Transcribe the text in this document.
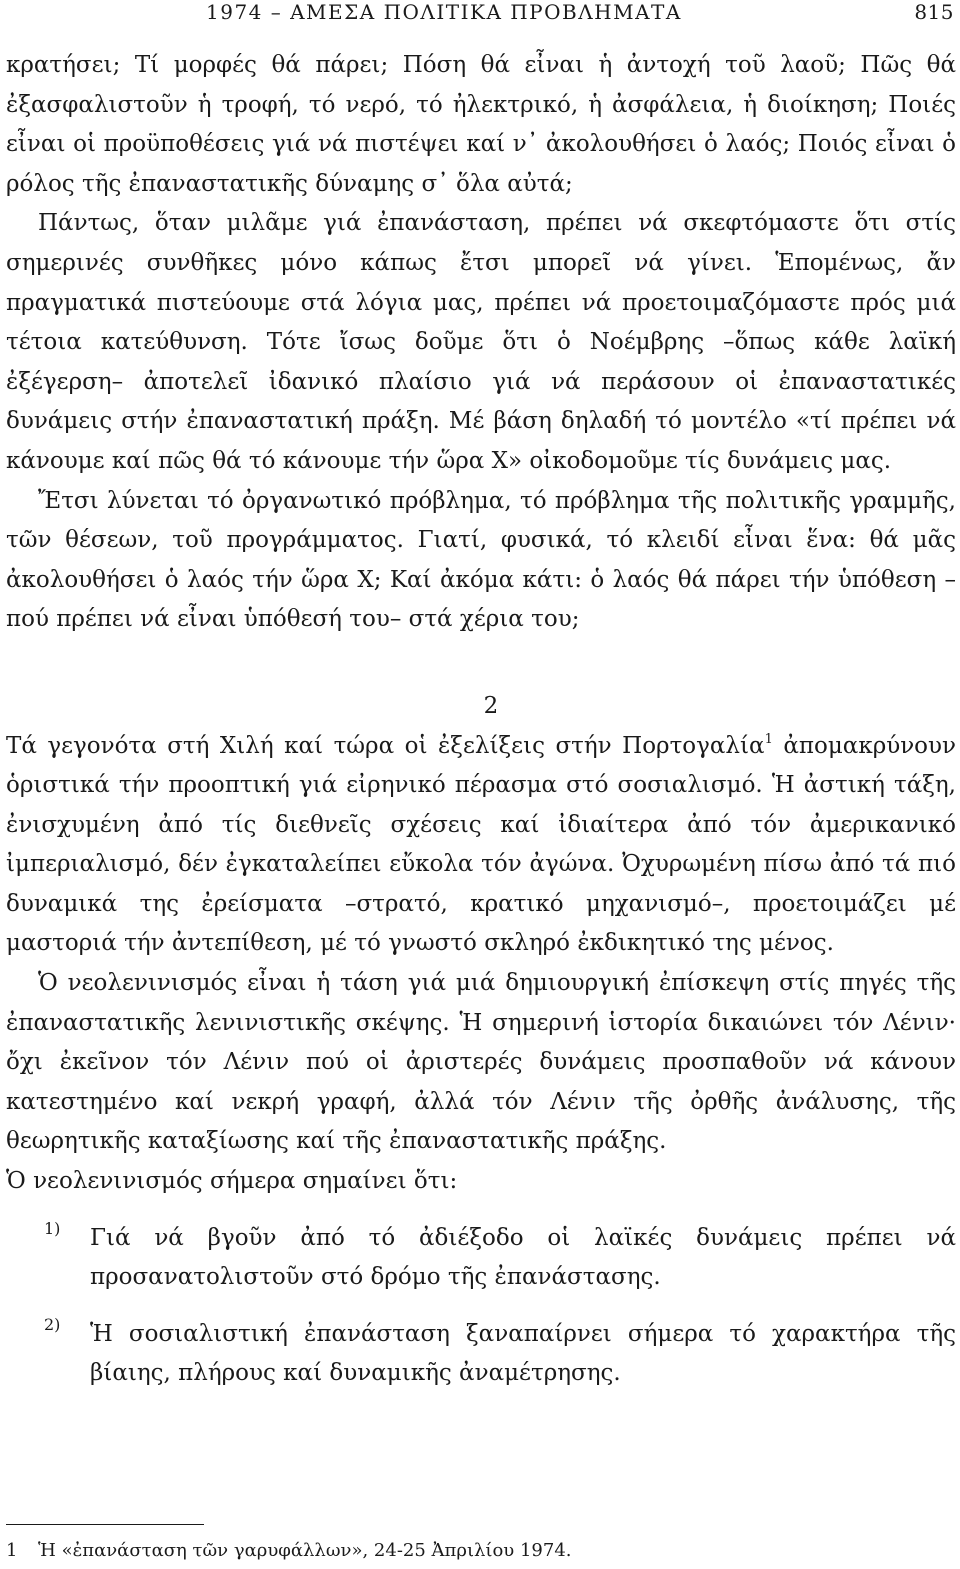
1974 – ΑΜΕΣΑ ΠΟΛΙΤΙΚΑ ΠΡΟΒΛΗΜΑΤΑ	815

κρατήσει; Τί μορφές θά πάρει; Πόση θά εἶναι ἡ ἀντοχή τοῦ λαοῦ; Πῶς θά ἐξασφαλιστοῦν ἡ τροφή, τό νερό, τό ἠλεκτρικό, ἡ ἀσφάλεια, ἡ διοίκηση; Ποιές εἶναι οἱ προϋποθέσεις γιά νά πιστέψει καί ν᾽ ἀκολουθήσει ὁ λαός; Ποιός εἶναι ὁ ρόλος τῆς ἐπαναστατικῆς δύναμης σ᾽ ὅλα αὐτά;

Πάντως, ὅταν μιλᾶμε γιά ἐπανάσταση, πρέπει νά σκεφτόμαστε ὅτι στίς σημερινές συνθῆκες μόνο κάπως ἔτσι μπορεῖ νά γίνει. Ἑπομένως, ἄν πραγματικά πιστεύουμε στά λόγια μας, πρέπει νά προετοιμαζόμαστε πρός μιά τέτοια κατεύθυνση. Τότε ἴσως δοῦμε ὅτι ὁ Νοέμβρης –ὅπως κάθε λαϊκή ἐξέγερση– ἀποτελεῖ ἰδανικό πλαίσιο γιά νά περάσουν οἱ ἐπαναστατικές δυνάμεις στήν ἐπαναστατική πράξη. Μέ βάση δηλαδή τό μοντέλο «τί πρέπει νά κάνουμε καί πῶς θά τό κάνουμε τήν ὥρα Χ» οἰκοδομοῦμε τίς δυνάμεις μας.

Ἔτσι λύνεται τό ὀργανωτικό πρόβλημα, τό πρόβλημα τῆς πολιτικῆς γραμμῆς, τῶν θέσεων, τοῦ προγράμματος. Γιατί, φυσικά, τό κλειδί εἶναι ἕνα: θά μᾶς ἀκολουθήσει ὁ λαός τήν ὥρα Χ; Καί ἀκόμα κάτι: ὁ λαός θά πάρει τήν ὑπόθεση –πού πρέπει νά εἶναι ὑπόθεσή του– στά χέρια του;

2

Τά γεγονότα στή Χιλή καί τώρα οἱ ἐξελίξεις στήν Πορτογαλία$^1$ ἀπομακρύνουν ὁριστικά τήν προοπτική γιά εἰρηνικό πέρασμα στό σοσιαλισμό. Ἡ ἀστική τάξη, ἐνισχυμένη ἀπό τίς διεθνεῖς σχέσεις καί ἰδιαίτερα ἀπό τόν ἀμερικανικό ἰμπεριαλισμό, δέν ἐγκαταλείπει εὔκολα τόν ἀγώνα. Ὀχυρωμένη πίσω ἀπό τά πιό δυναμικά της ἐρείσματα –στρατό, κρατικό μηχανισμό–, προετοιμάζει μέ μαστοριά τήν ἀντεπίθεση, μέ τό γνωστό σκληρό ἐκδικητικό της μένος.

Ὁ νεολενινισμός εἶναι ἡ τάση γιά μιά δημιουργική ἐπίσκεψη στίς πηγές τῆς ἐπαναστατικῆς λενινιστικῆς σκέψης. Ἡ σημερινή ἱστορία δικαιώνει τόν Λένιν· ὄχι ἐκεῖνον τόν Λένιν πού οἱ ἀριστερές δυνάμεις προσπαθοῦν νά κάνουν κατεστημένο καί νεκρή γραφή, ἀλλά τόν Λένιν τῆς ὀρθῆς ἀνάλυσης, τῆς θεωρητικῆς καταξίωσης καί τῆς ἐπαναστατικῆς πράξης.

Ὁ νεολενινισμός σήμερα σημαίνει ὅτι:

1) Γιά νά βγοῦν ἀπό τό ἀδιέξοδο οἱ λαϊκές δυνάμεις πρέπει νά προσανατολιστοῦν στό δρόμο τῆς ἐπανάστασης.

2) Ἡ σοσιαλιστική ἐπανάσταση ξαναπαίρνει σήμερα τό χαρακτήρα τῆς βίαιης, πλήρους καί δυναμικῆς ἀναμέτρησης.

1 Ἡ «ἐπανάσταση τῶν γαρυφάλλων», 24-25 Ἀπριλίου 1974.
